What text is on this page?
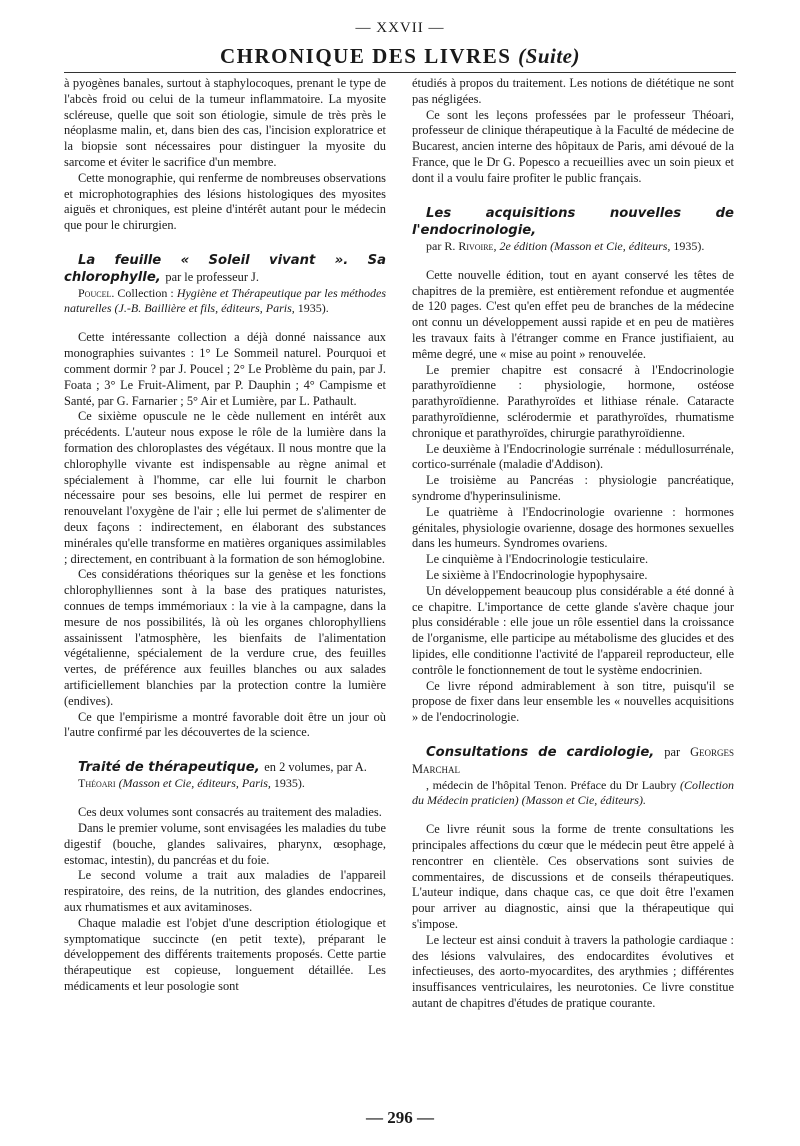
— XXVII —
CHRONIQUE DES LIVRES (Suite)

à pyogènes banales, surtout à staphylocoques, prenant le type de l'abcès froid ou celui de la tumeur inflammatoire. La myosite scléreuse, quelle que soit son étiologie, simule de très près le néoplasme malin, et, dans bien des cas, l'incision exploratrice et la biopsie sont nécessaires pour distinguer la myosite du sarcome et éviter le sacrifice d'un membre.

Cette monographie, qui renferme de nombreuses observations et microphotographies des lésions histologiques des myosites aiguës et chroniques, est pleine d'intérêt autant pour le médecin que pour le chirurgien.

La feuille « Soleil vivant ». Sa chlorophylle, par le professeur J.

Poucel. Collection : Hygiène et Thérapeutique par les méthodes naturelles (J.-B. Baillière et fils, éditeurs, Paris, 1935).

Cette intéressante collection a déjà donné naissance aux monographies suivantes : 1° Le Sommeil naturel. Pourquoi et comment dormir ? par J. Poucel ; 2° Le Problème du pain, par J. Foata ; 3° Le Fruit-Aliment, par P. Dauphin ; 4° Campisme et Santé, par G. Farnarier ; 5° Air et Lumière, par L. Pathault.

Ce sixième opuscule ne le cède nullement en intérêt aux précédents. L'auteur nous expose le rôle de la lumière dans la formation des chloroplastes des végétaux. Il nous montre que la chlorophylle vivante est indispensable au règne animal et spécialement à l'homme, car elle lui fournit le charbon nécessaire pour ses besoins, elle lui permet de respirer en renouvelant l'oxygène de l'air ; elle lui permet de s'alimenter de deux façons : indirectement, en élaborant des substances minérales qu'elle transforme en matières organiques assimilables ; directement, en contribuant à la formation de son hémoglobine.

Ces considérations théoriques sur la genèse et les fonctions chlorophylliennes sont à la base des pratiques naturistes, connues de temps immémoriaux : la vie à la campagne, dans la mesure de nos possibilités, là où les organes chlorophylliens assainissent l'atmosphère, les bienfaits de l'alimentation végétalienne, spécialement de la verdure crue, des feuilles vertes, de préférence aux feuilles blanches ou aux salades artificiellement blanchies par la protection contre la lumière (endives).

Ce que l'empirisme a montré favorable doit être un jour où l'autre confirmé par les découvertes de la science.

Traité de thérapeutique, en 2 volumes, par A.

Théoari (Masson et Cie, éditeurs, Paris, 1935).

Ces deux volumes sont consacrés au traitement des maladies.

Dans le premier volume, sont envisagées les maladies du tube digestif (bouche, glandes salivaires, pharynx, œsophage, estomac, intestin), du pancréas et du foie.

Le second volume a trait aux maladies de l'appareil respiratoire, des reins, de la nutrition, des glandes endocrines, aux rhumatismes et aux avitaminoses.

Chaque maladie est l'objet d'une description étiologique et symptomatique succincte (en petit texte), préparant le développement des différents traitements proposés. Cette partie thérapeutique est copieuse, longuement détaillée. Les médicaments et leur posologie sont

étudiés à propos du traitement. Les notions de diététique ne sont pas négligées.

Ce sont les leçons professées par le professeur Théoari, professeur de clinique thérapeutique à la Faculté de médecine de Bucarest, ancien interne des hôpitaux de Paris, ami dévoué de la France, que le Dr G. Popesco a recueillies avec un soin pieux et dont il a voulu faire profiter le public français.

Les acquisitions nouvelles de l'endocrinologie,

par R. Rivoire, 2e édition (Masson et Cie, éditeurs, 1935).

Cette nouvelle édition, tout en ayant conservé les têtes de chapitres de la première, est entièrement refondue et augmentée de 120 pages. C'est qu'en effet peu de branches de la médecine ont connu un développement aussi rapide et en peu de matières les travaux faits à l'étranger comme en France justifiaient, au même degré, une « mise au point » renouvelée.

Le premier chapitre est consacré à l'Endocrinologie parathyroïdienne : physiologie, hormone, ostéose parathyroïdienne. Parathyroïdes et lithiase rénale. Cataracte parathyroïdienne, sclérodermie et parathyroïdes, rhumatisme chronique et parathyroïdes, chirurgie parathyroïdienne.

Le deuxième à l'Endocrinologie surrénale : médullosurrénale, cortico-surrénale (maladie d'Addison).

Le troisième au Pancréas : physiologie pancréatique, syndrome d'hyperinsulinisme.

Le quatrième à l'Endocrinologie ovarienne : hormones génitales, physiologie ovarienne, dosage des hormones sexuelles dans les humeurs. Syndromes ovariens.

Le cinquième à l'Endocrinologie testiculaire.

Le sixième à l'Endocrinologie hypophysaire.

Un développement beaucoup plus considérable a été donné à ce chapitre. L'importance de cette glande s'avère chaque jour plus considérable : elle joue un rôle essentiel dans la croissance de l'organisme, elle participe au métabolisme des glucides et des lipides, elle conditionne l'activité de l'appareil reproducteur, elle contrôle le fonctionnement de tout le système endocrinien.

Ce livre répond admirablement à son titre, puisqu'il se propose de fixer dans leur ensemble les « nouvelles acquisitions » de l'endocrinologie.

Consultations de cardiologie, par Georges Marchal

, médecin de l'hôpital Tenon. Préface du Dr Laubry (Collection du Médecin praticien) (Masson et Cie, éditeurs).

Ce livre réunit sous la forme de trente consultations les principales affections du cœur que le médecin peut être appelé à rencontrer en clientèle. Ces observations sont suivies de commentaires, de discussions et de conseils thérapeutiques. L'auteur indique, dans chaque cas, ce que doit être l'examen pour arriver au diagnostic, ainsi que la thérapeutique qui s'impose.

Le lecteur est ainsi conduit à travers la pathologie cardiaque : des lésions valvulaires, des endocardites évolutives et infectieuses, des aorto-myocardites, des arythmies ; différentes insuffisances ventriculaires, les neurotonies. Ce livre constitue autant de chapitres d'études de pratique courante.

— 296 —
